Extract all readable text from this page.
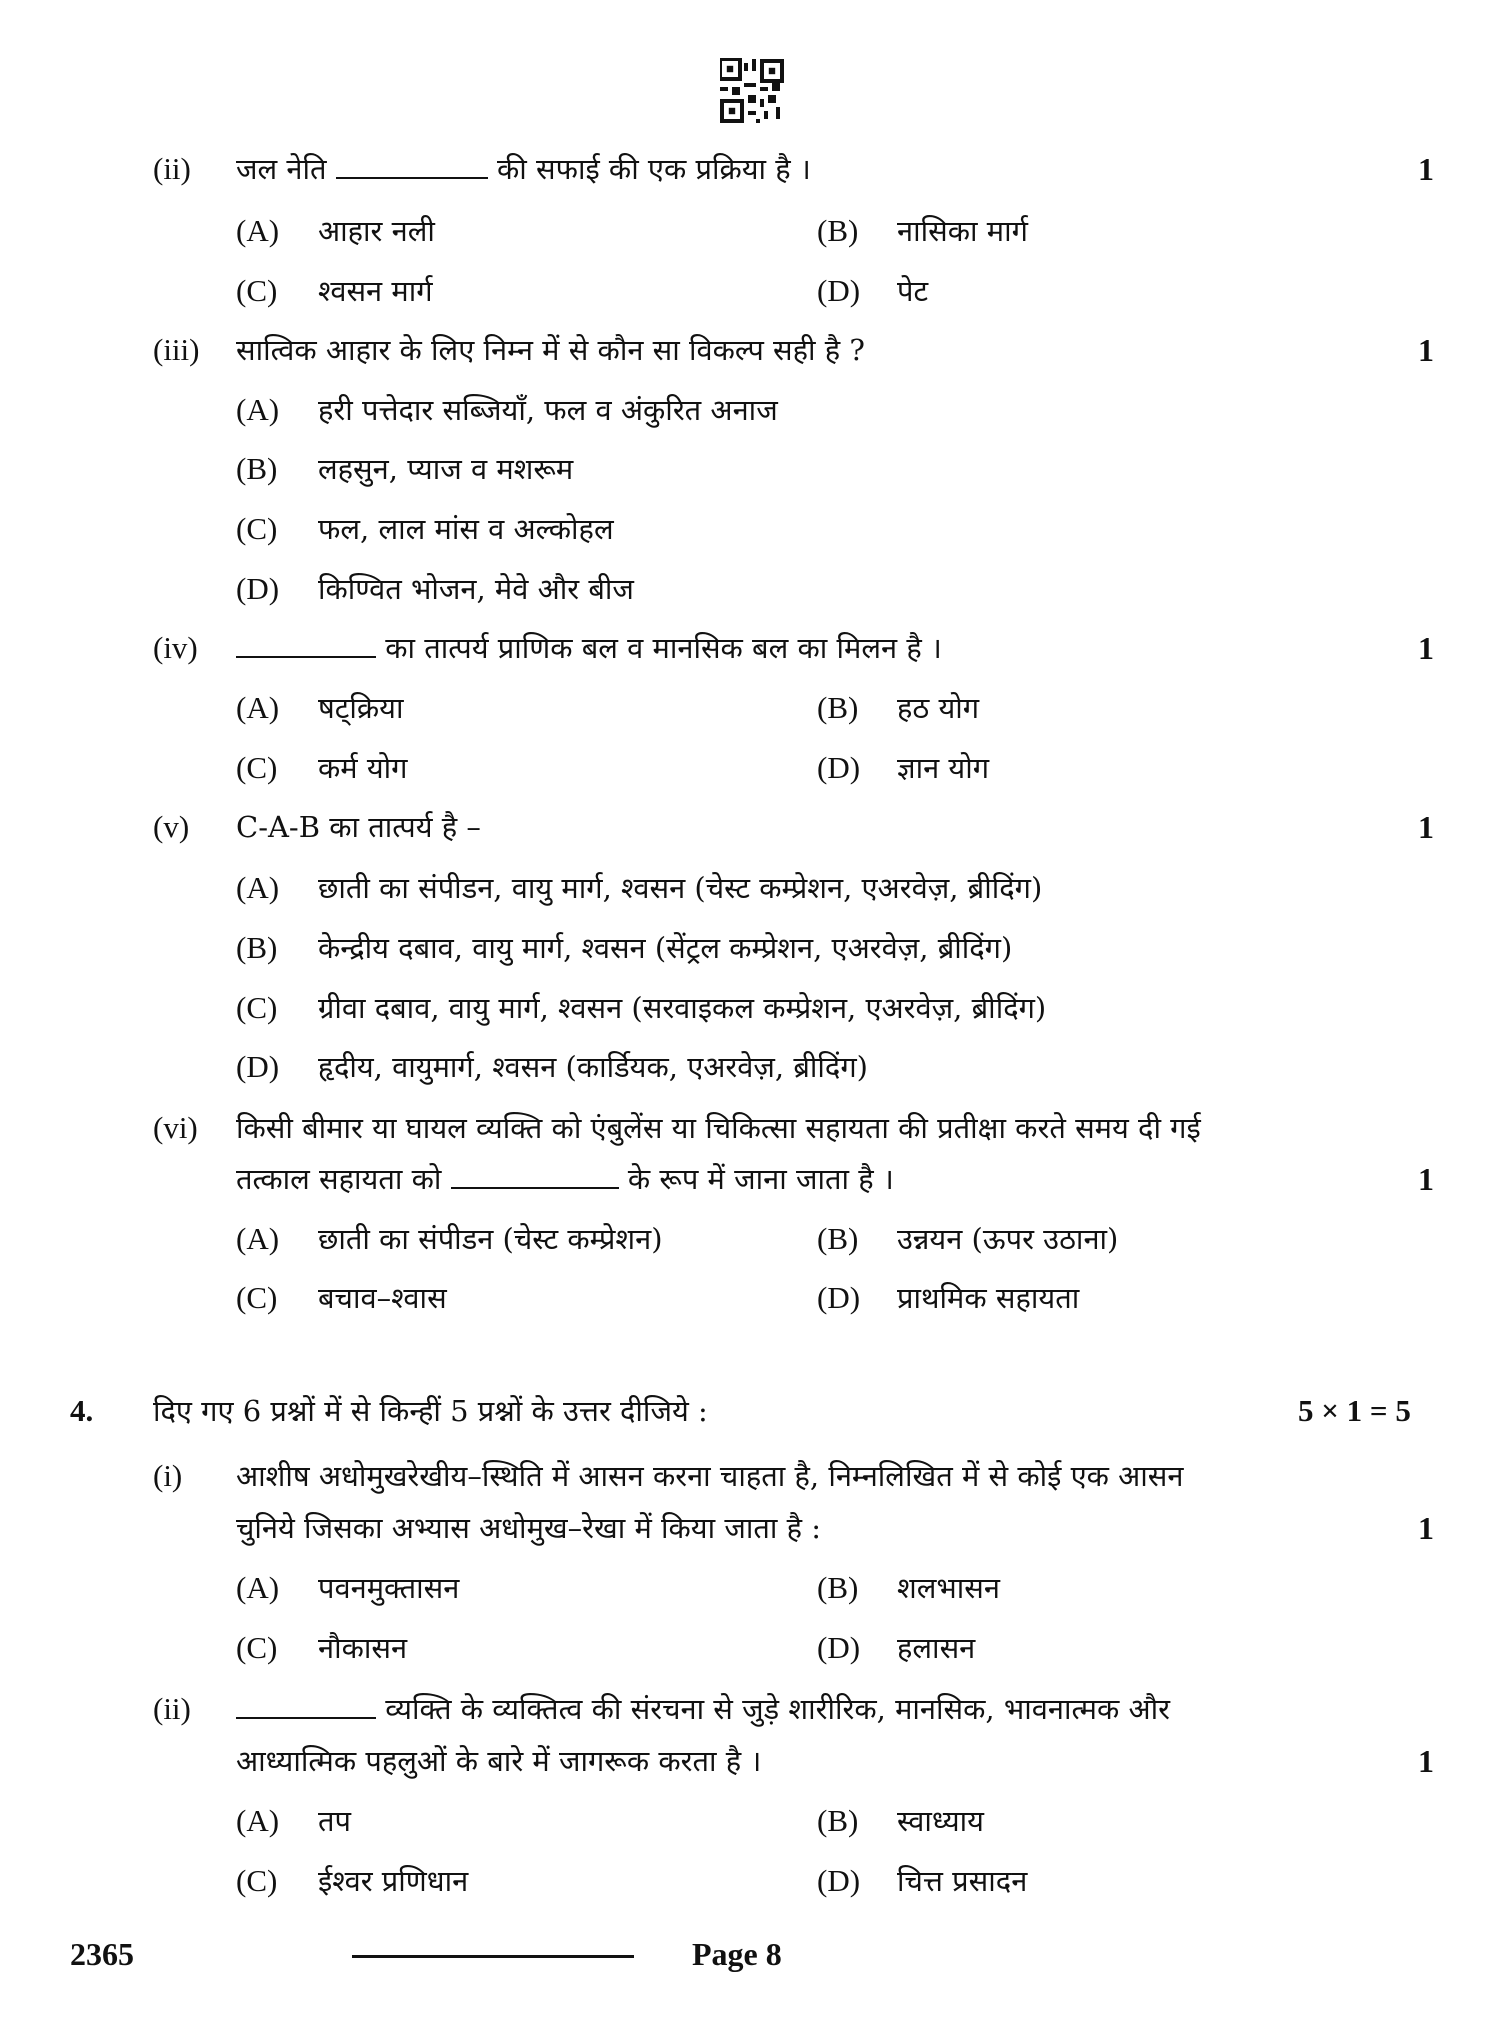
(ii) जल नेति	की सफाई की एक प्रक्रिया है ।	1
(A) आहार नली	(B) नासिका मार्ग
(C) श्वसन मार्ग	(D) पेट
(iii) सात्विक आहार के लिए निम्न में से कौन सा विकल्प सही है ?	1
(A) हरी पत्तेदार सब्जियाँ, फल व अंकुरित अनाज
(B) लहसुन, प्याज व मशरूम
(C) फल, लाल मांस व अल्कोहल
(D) किण्वित भोजन, मेवे और बीज
(iv)	का तात्पर्य प्राणिक बल व मानसिक बल का मिलन है ।	1
(A) षट्क्रिया	(B) हठ योग
(C) कर्म योग	(D) ज्ञान योग
(v) C-A-B का तात्पर्य है –	1
(A) छाती का संपीडन, वायु मार्ग, श्वसन (चेस्ट कम्प्रेशन, एअरवेज़, ब्रीदिंग)
(B) केन्द्रीय दबाव, वायु मार्ग, श्वसन (सेंट्रल कम्प्रेशन, एअरवेज़, ब्रीदिंग)
(C) ग्रीवा दबाव, वायु मार्ग, श्वसन (सरवाइकल कम्प्रेशन, एअरवेज़, ब्रीदिंग)
(D) हृदीय, वायुमार्ग, श्वसन (कार्डियक, एअरवेज़, ब्रीदिंग)
(vi) किसी बीमार या घायल व्यक्ति को एंबुलेंस या चिकित्सा सहायता की प्रतीक्षा करते समय दी गई
तत्काल सहायता को	के रूप में जाना जाता है ।	1
(A) छाती का संपीडन (चेस्ट कम्प्रेशन)	(B) उन्नयन (ऊपर उठाना)
(C) बचाव–श्वास	(D) प्राथमिक सहायता
4. दिए गए 6 प्रश्नों में से किन्हीं 5 प्रश्नों के उत्तर दीजिये :	5 × 1 = 5
(i) आशीष अधोमुखरेखीय–स्थिति में आसन करना चाहता है, निम्नलिखित में से कोई एक आसन
चुनिये जिसका अभ्यास अधोमुख–रेखा में किया जाता है :	1
(A) पवनमुक्तासन	(B) शलभासन
(C) नौकासन	(D) हलासन
(ii)	व्यक्ति के व्यक्तित्व की संरचना से जुड़े शारीरिक, मानसिक, भावनात्मक और
आध्यात्मिक पहलुओं के बारे में जागरूक करता है ।	1
(A) तप	(B) स्वाध्याय
(C) ईश्वर प्रणिधान	(D) चित्त प्रसादन
2365	Page 8
